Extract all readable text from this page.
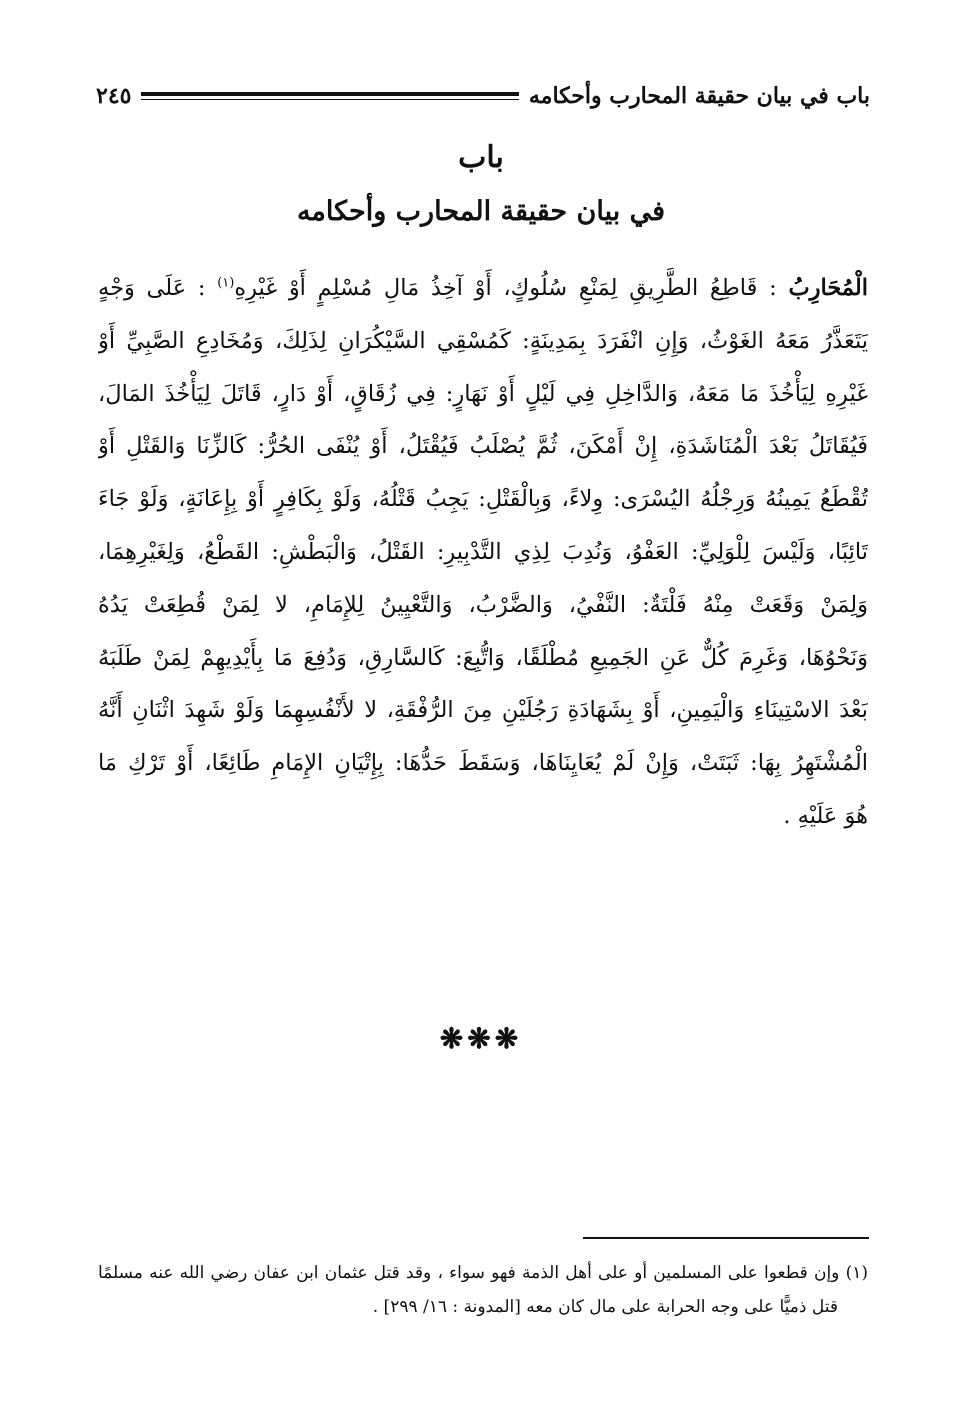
باب في بيان حقيقة المحارب وأحكامه
٢٤٥
باب
في بيان حقيقة المحارب وأحكامه
الْمُحَارِبُ : قَاطِعُ الطَّرِيقِ لِمَنْعِ سُلُوكٍ، أَوْ آخِذُ مَالِ مُسْلِمٍ أَوْ غَيْرِهِ$^{(١)}$ : عَلَى وَجْهٍ
يَتَعَذَّرُ مَعَهُ الغَوْثُ، وَإِنِ انْفَرَدَ بِمَدِينَةٍ: كَمُسْقِي السَّيْكُرَانِ لِذَلِكَ، وَمُخَادِعِ الصَّبِيِّ أَوْ
غَيْرِهِ لِيَأْخُذَ مَا مَعَهُ، وَالدَّاخِلِ فِي لَيْلٍ أَوْ نَهَارٍ: فِي زُقَاقٍ، أَوْ دَارٍ، قَاتَلَ لِيَأْخُذَ المَالَ،
فَيُقَاتَلُ بَعْدَ الْمُنَاشَدَةِ، إِنْ أَمْكَنَ، ثُمَّ يُصْلَبُ فَيُقْتَلُ، أَوْ يُنْفَى الحُرُّ: كَالزِّنَا وَالقَتْلِ أَوْ
تُقْطَعُ يَمِينُهُ وَرِجْلُهُ اليُسْرَى: وِلاءً، وَبِالْقَتْلِ: يَجِبُ قَتْلُهُ، وَلَوْ بِكَافِرٍ أَوْ بِإِعَانَةٍ، وَلَوْ جَاءَ
تَائِبًا، وَلَيْسَ لِلْوَلِيِّ: العَفْوُ، وَنُدِبَ لِذِي التَّدْبِيرِ: القَتْلُ، وَالْبَطْشِ: القَطْعُ، وَلِغَيْرِهِمَا،
وَلِمَنْ وَقَعَتْ مِنْهُ فَلْتَةٌ: النَّفْيُ، وَالضَّرْبُ، وَالتَّعْيِينُ لِلإِمَامِ، لا لِمَنْ قُطِعَتْ يَدُهُ
وَنَحْوُهَا، وَغَرِمَ كُلٌّ عَنِ الجَمِيعِ مُطْلَقًا، وَاتُّبِعَ: كَالسَّارِقِ، وَدُفِعَ مَا بِأَيْدِيهِمْ لِمَنْ طَلَبَهُ
بَعْدَ الاسْتِينَاءِ وَالْيَمِينِ، أَوْ بِشَهَادَةِ رَجُلَيْنِ مِنَ الرُّفْقَةِ، لا لأَنْفُسِهِمَا وَلَوْ شَهِدَ اثْنَانِ أَنَّهُ
الْمُشْتَهِرُ بِهَا: ثَبَتَتْ، وَإِنْ لَمْ يُعَايِنَاهَا، وَسَقَطَ حَدُّهَا: بِإِتْيَانِ الإِمَامِ طَائِعًا، أَوْ تَرْكِ مَا
هُوَ عَلَيْهِ .
❋❋❋
(١) وإن قطعوا على المسلمين أو على أهل الذمة فهو سواء ، وقد قتل عثمان ابن عفان رضي الله عنه مسلمًا
قتل ذميًّا على وجه الحرابة على مال كان معه [المدونة : ١٦/ ٢٩٩] .
